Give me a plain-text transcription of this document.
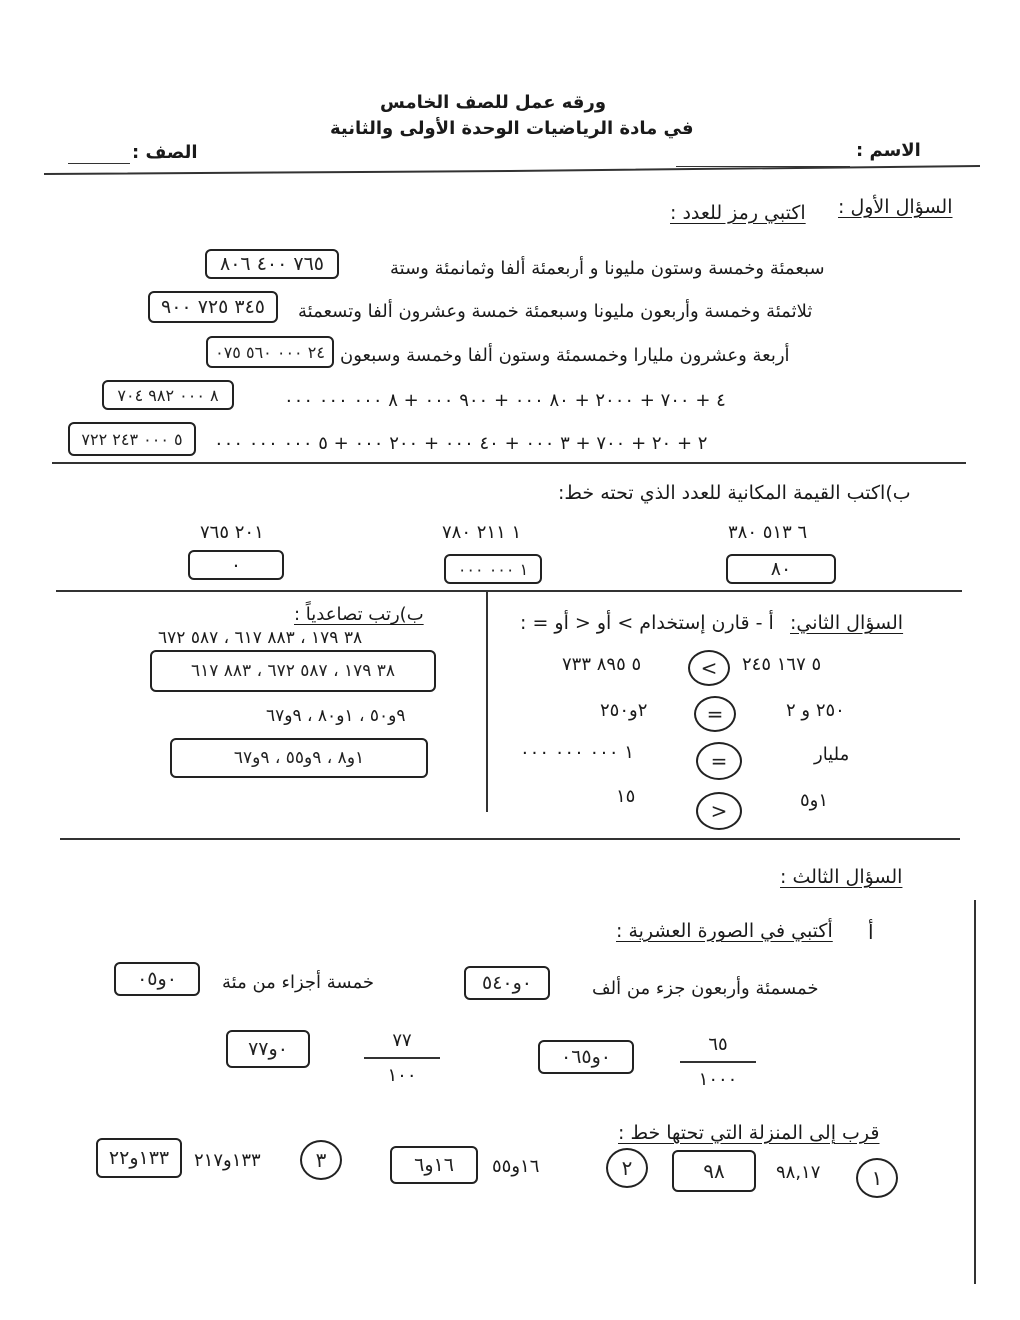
ورقه عمل للصف الخامس
في مادة الرياضيات الوحدة الأولى والثانية
الاسم :
الصف :
السؤال الأول :
اكتبي رمز للعدد :
سبعمئة وخمسة وستون مليونا و أربعمئة ألفا وثمانمئة وستة
٧٦٥ ٤٠٠ ٨٠٦
ثلاثمئة وخمسة وأربعون مليونا وسبعمئة خمسة وعشرون ألفا وتسعمئة
٣٤٥ ٧٢٥ ٩٠٠
أربعة وعشرون مليارا وخمسمئة وستون ألفا وخمسة وسبعون
٢٤ ٠٠٠ ٥٦٠ ٠٧٥
٤ + ٧٠٠ + ٢٠٠٠ + ٨٠ ٠٠٠ + ٩٠٠ ٠٠٠ + ٨ ٠٠٠ ٠٠٠ ٠٠٠
٨ ٠٠٠ ٩٨٢ ٧٠٤
٢ + ٢٠ + ٧٠٠ + ٣ ٠٠٠ + ٤٠ ٠٠٠ + ٢٠٠ ٠٠٠ + ٥ ٠٠٠ ٠٠٠ ٠٠٠
٥ ٠٠٠ ٢٤٣ ٧٢٢
ب)اكتب القيمة المكانية للعدد الذي تحته خط:
٦ ٥١٣ ٣٨٠
٨٠
١ ٢١١ ٧٨٠
١ ٠٠٠ ٠٠٠
٢٠١ ٧٦٥
٠
السؤال الثاني:
أ - قارن إستخدام > أو < أو = :
٥ ١٦٧ ٢٤٥
>
٥ ٨٩٥ ٧٣٣
٢٥٠ و ٢
=
٢و٢٥٠
مليار
=
١ ٠٠٠ ٠٠٠ ٠٠٠
١و٥
<
١٥
ب)رتب تصاعدياً :
٣٨ ١٧٩ ، ٨٨٣ ٦١٧ ، ٥٨٧ ٦٧٢
٣٨ ١٧٩ ، ٥٨٧ ٦٧٢ ، ٨٨٣ ٦١٧
٩و٥٠ ، ١و٨٠ ، ٩و٦٧
١و٨ ، ٩و٥٥ ، ٩و٦٧
السؤال الثالث :
أ
أكتبي في الصورة العشرية :
خمسمئة وأربعون جزء من ألف
٠و٥٤٠
خمسة أجزاء من مئة
٠و٠٥
٦٥
١٠٠٠
٠و٠٦٥
٧٧
١٠٠
٠و٧٧
قرب إلى المنزلة التي تحتها خط :
١
٩٨,١٧
٩٨
٢
١٦و٥٥
١٦و٦
٣
١٣٣و٢١٧
١٣٣و٢٢
